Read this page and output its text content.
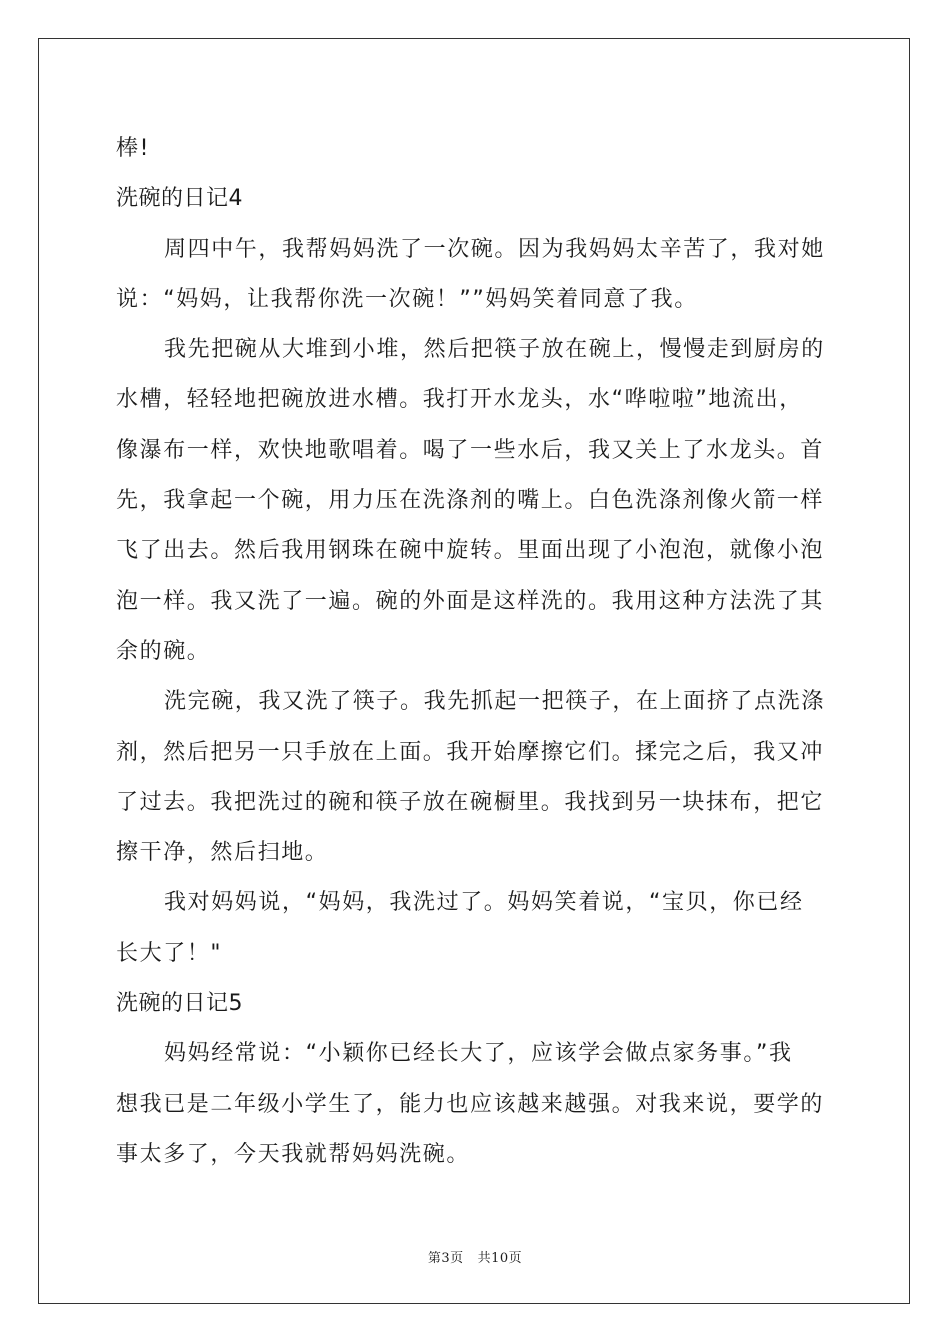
棒!
洗碗的日记4
周四中午，我帮妈妈洗了一次碗。因为我妈妈太辛苦了，我对她
说：“妈妈，让我帮你洗一次碗！””妈妈笑着同意了我。
我先把碗从大堆到小堆，然后把筷子放在碗上，慢慢走到厨房的
水槽，轻轻地把碗放进水槽。我打开水龙头，水“哗啦啦”地流出，
像瀑布一样，欢快地歌唱着。喝了一些水后，我又关上了水龙头。首
先，我拿起一个碗，用力压在洗涤剂的嘴上。白色洗涤剂像火箭一样
飞了出去。然后我用钢珠在碗中旋转。里面出现了小泡泡，就像小泡
泡一样。我又洗了一遍。碗的外面是这样洗的。我用这种方法洗了其
余的碗。
洗完碗，我又洗了筷子。我先抓起一把筷子，在上面挤了点洗涤
剂，然后把另一只手放在上面。我开始摩擦它们。揉完之后，我又冲
了过去。我把洗过的碗和筷子放在碗橱里。我找到另一块抹布，把它
擦干净，然后扫地。
我对妈妈说，“妈妈，我洗过了。妈妈笑着说，“宝贝，你已经
长大了！"
洗碗的日记5
妈妈经常说：“小颖你已经长大了，应该学会做点家务事。”我
想我已是二年级小学生了，能力也应该越来越强。对我来说，要学的
事太多了，今天我就帮妈妈洗碗。
第3页 共10页
